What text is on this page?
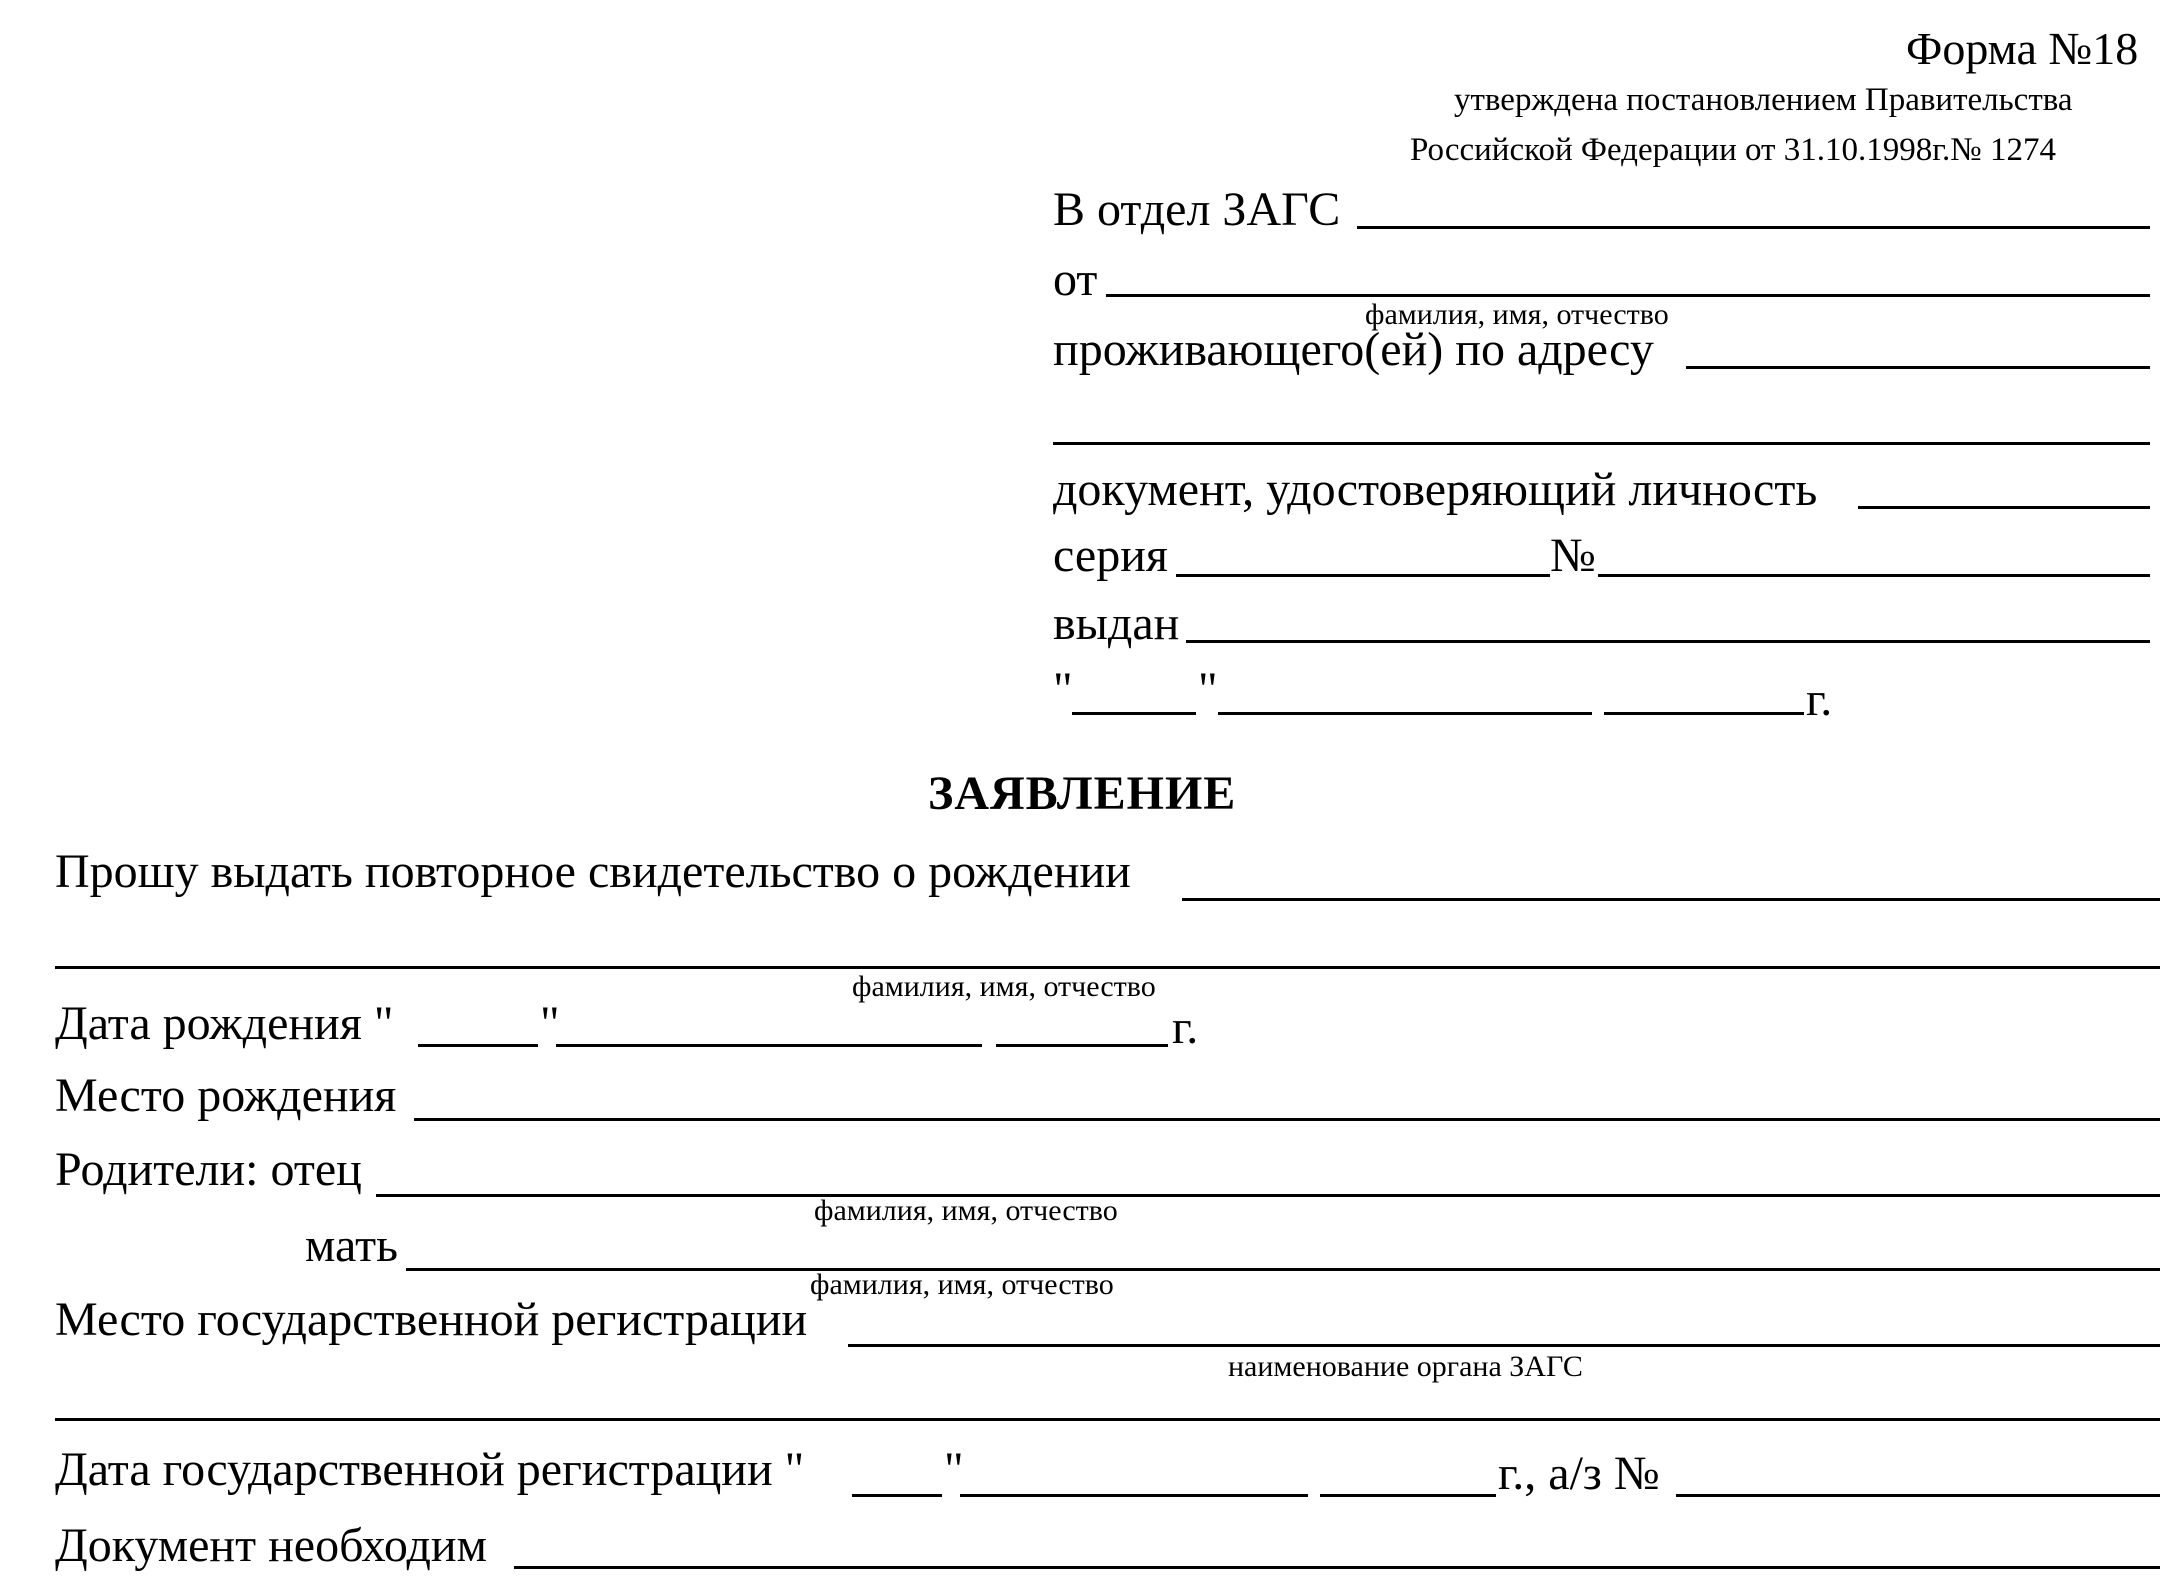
Форма №18
утверждена постановлением Правительства
Российской Федерации от 31.10.1998г.№ 1274
В отдел ЗАГС
от
фамилия, имя, отчество
проживающего(ей) по адресу
документ, удостоверяющий личность
серия	№
выдан
"	"	г.
ЗАЯВЛЕНИЕ
Прошу выдать повторное свидетельство о рождении
фамилия, имя, отчество
Дата рождения "	"	г.
Место рождения
Родители: отец
фамилия, имя, отчество
мать
фамилия, имя, отчество
Место государственной регистрации
наименование органа ЗАГС
Дата государственной регистрации "	"	г., а/з №
Документ необходим
